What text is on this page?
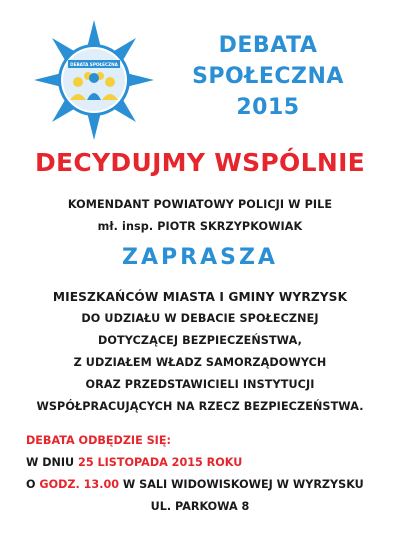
DEBATA SPOŁECZNA
DEBATA
SPOŁECZNA
2015
DECYDUJMY WSPÓLNIE
KOMENDANT POWIATOWY POLICJI W PILE
mł. insp. PIOTR SKRZYPKOWIAK
ZAPRASZA
MIESZKAŃCÓW MIASTA I GMINY WYRZYSK
DO UDZIAŁU W DEBACIE SPOŁECZNEJ
DOTYCZĄCEJ BEZPIECZEŃSTWA,
Z UDZIAŁEM WŁADZ SAMORZĄDOWYCH
ORAZ PRZEDSTAWICIELI INSTYTUCJI
WSPÓŁPRACUJĄCYCH NA RZECZ BEZPIECZEŃSTWA.
DEBATA ODBĘDZIE SIĘ:
W DNIU 25 LISTOPADA 2015 ROKU
O GODZ. 13.00 W SALI WIDOWISKOWEJ W WYRZYSKU
UL. PARKOWA 8
